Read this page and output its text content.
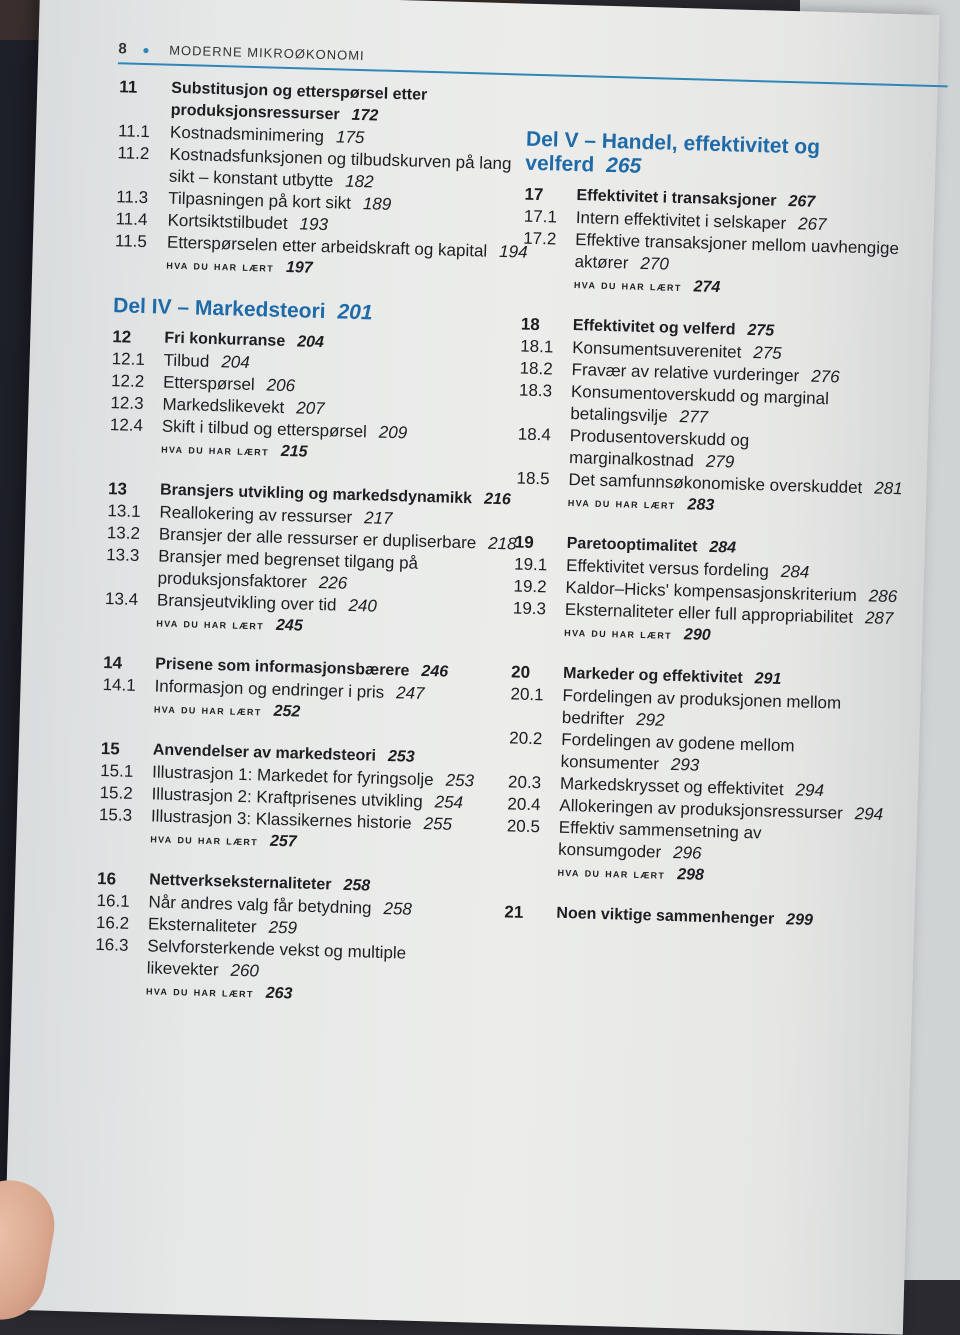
8 ● MODERNE MIKROØKONOMI
11	Substitusjon og etterspørsel etter produksjonsressurser 172
11.1	Kostnadsminimering 175
11.2	Kostnadsfunksjonen og tilbudskurven på lang sikt – konstant utbytte 182
11.3	Tilpasningen på kort sikt 189
11.4	Kortsiktstilbudet 193
11.5	Etterspørselen etter arbeidskraft og kapital 194
hva du har lært 197
Del IV – Markedsteori 201
12	Fri konkurranse 204
12.1	Tilbud 204
12.2	Etterspørsel 206
12.3	Markedslikevekt 207
12.4	Skift i tilbud og etterspørsel 209
hva du har lært 215
13	Bransjers utvikling og markedsdynamikk 216
13.1	Reallokering av ressurser 217
13.2	Bransjer der alle ressurser er dupliserbare 218
13.3	Bransjer med begrenset tilgang på produksjonsfaktorer 226
13.4	Bransjeutvikling over tid 240
hva du har lært 245
14	Prisene som informasjonsbærere 246
14.1	Informasjon og endringer i pris 247
hva du har lært 252
15	Anvendelser av markedsteori 253
15.1	Illustrasjon 1: Markedet for fyringsolje 253
15.2	Illustrasjon 2: Kraftprisenes utvikling 254
15.3	Illustrasjon 3: Klassikernes historie 255
hva du har lært 257
16	Nettverkseksternaliteter 258
16.1	Når andres valg får betydning 258
16.2	Eksternaliteter 259
16.3	Selvforsterkende vekst og multiple likevekter 260
hva du har lært 263
Del V – Handel, effektivitet og velferd 265
17	Effektivitet i transaksjoner 267
17.1	Intern effektivitet i selskaper 267
17.2	Effektive transaksjoner mellom uavhengige aktører 270
hva du har lært 274
18	Effektivitet og velferd 275
18.1	Konsumentsuverenitet 275
18.2	Fravær av relative vurderinger 276
18.3	Konsumentoverskudd og marginal betalingsvilje 277
18.4	Produsentoverskudd og marginalkostnad 279
18.5	Det samfunnsøkonomiske overskuddet 281
hva du har lært 283
19	Paretooptimalitet 284
19.1	Effektivitet versus fordeling 284
19.2	Kaldor–Hicks' kompensasjonskriterium 286
19.3	Eksternaliteter eller full appropriabilitet 287
hva du har lært 290
20	Markeder og effektivitet 291
20.1	Fordelingen av produksjonen mellom bedrifter 292
20.2	Fordelingen av godene mellom konsumenter 293
20.3	Markedskrysset og effektivitet 294
20.4	Allokeringen av produksjonsressurser 294
20.5	Effektiv sammensetning av konsumgoder 296
hva du har lært 298
21	Noen viktige sammenhenger 299
